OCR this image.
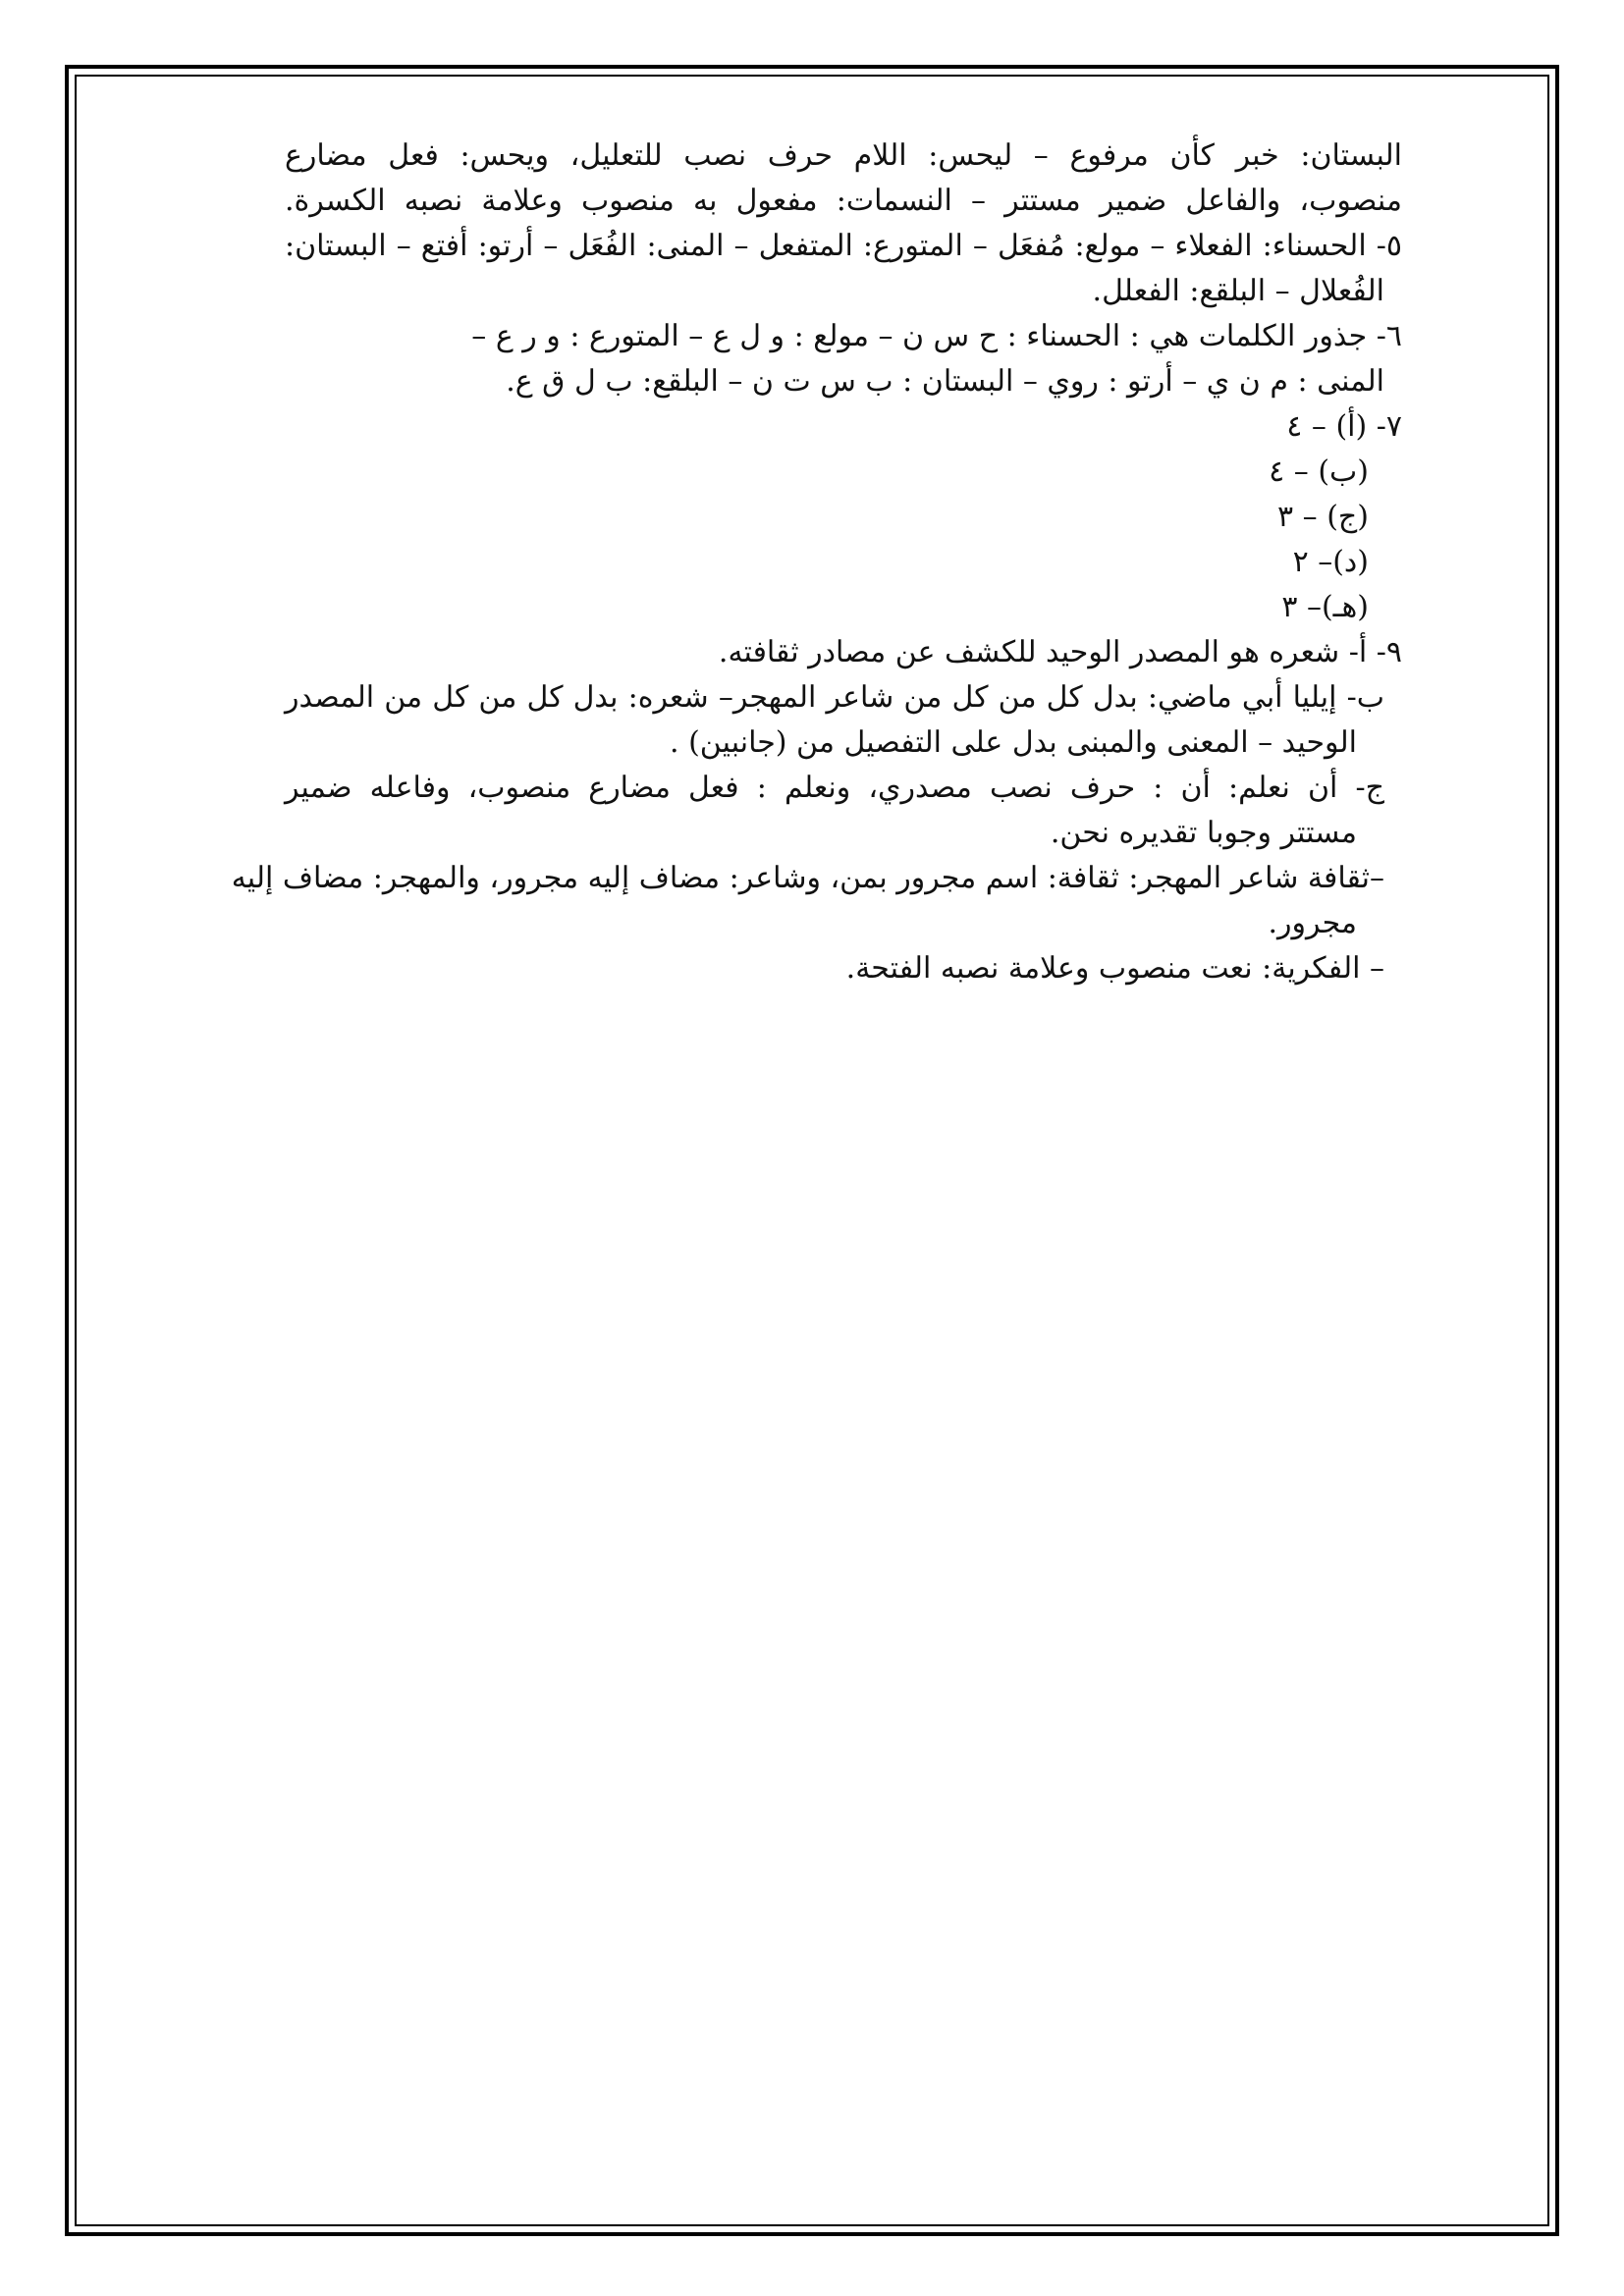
البستان: خبر كأن مرفوع – ليحس: اللام حرف نصب للتعليل، ويحس: فعل مضارع
منصوب، والفاعل ضمير مستتر – النسمات: مفعول به منصوب وعلامة نصبه الكسرة.
٥- الحسناء: الفعلاء – مولع: مُفعَل – المتورع: المتفعل – المنى: الفُعَل – أرتو: أفتع – البستان:
الفُعلال – البلقع: الفعلل.
٦- جذور الكلمات هي : الحسناء : ح س ن – مولع : و ل ع – المتورع : و ر ع –
المنى : م ن ي – أرتو : روي – البستان : ب س ت ن – البلقع: ب ل ق ع.
٧- (أ) – ٤
(ب) – ٤
(ج) – ٣
(د)– ٢
(هـ)– ٣
٩- أ- شعره هو المصدر الوحيد للكشف عن مصادر ثقافته.
ب- إيليا أبي ماضي: بدل كل من كل من شاعر المهجر– شعره: بدل كل من كل من المصدر
الوحيد – المعنى والمبنى بدل على التفصيل من (جانبين) .
ج- أن نعلم: أن : حرف نصب مصدري، ونعلم : فعل مضارع منصوب، وفاعله ضمير
مستتر وجوبا تقديره نحن.
–ثقافة شاعر المهجر: ثقافة: اسم مجرور بمن، وشاعر: مضاف إليه مجرور، والمهجر: مضاف إليه
مجرور.
– الفكرية: نعت منصوب وعلامة نصبه الفتحة.
